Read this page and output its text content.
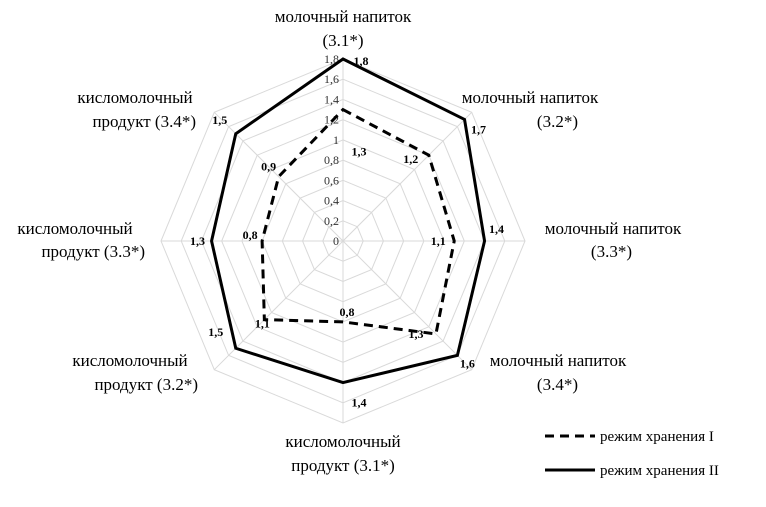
0
0,2
0,4
0,6
0,8
1
1,2
1,4
1,6
1,8
1,3
1,2
1,1
1,3
0,8
1,1
0,8
0,9
1,8
1,7
1,4
1,6
1,4
1,5
1,3
1,5
молочный напиток
(3.1*)
молочный напиток
(3.2*)
молочный напиток
(3.3*)
молочный напиток
(3.4*)
кисломолочный
продукт (3.1*)
кисломолочный
продукт (3.2*)
кисломолочный
продукт (3.3*)
кисломолочный
продукт (3.4*)
режим хранения I
режим хранения II
